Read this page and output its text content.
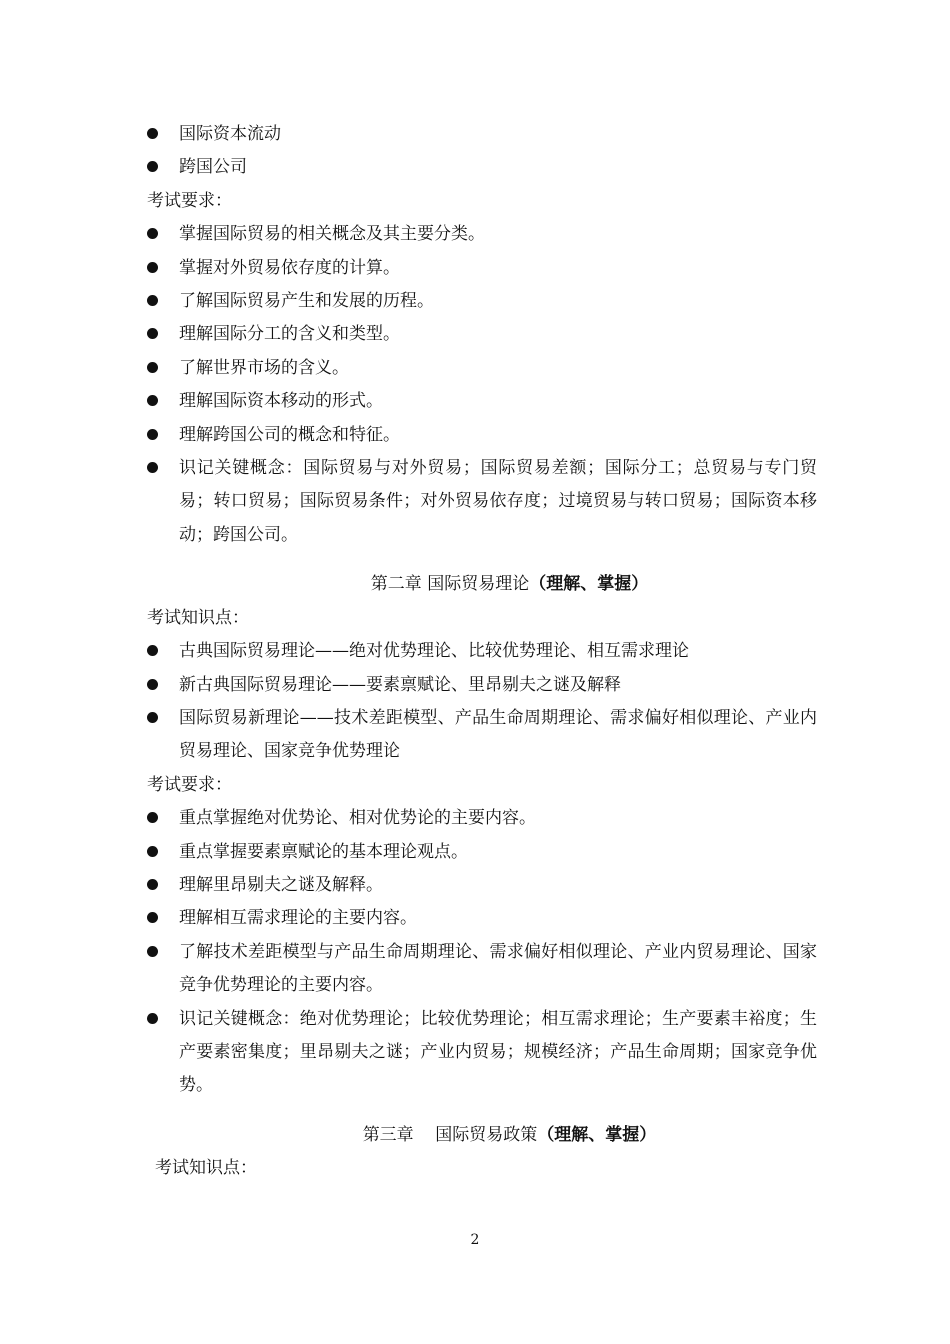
国际资本流动
跨国公司
考试要求：
掌握国际贸易的相关概念及其主要分类。
掌握对外贸易依存度的计算。
了解国际贸易产生和发展的历程。
理解国际分工的含义和类型。
了解世界市场的含义。
理解国际资本移动的形式。
理解跨国公司的概念和特征。
识记关键概念：国际贸易与对外贸易；国际贸易差额；国际分工；总贸易与专门贸易；转口贸易；国际贸易条件；对外贸易依存度；过境贸易与转口贸易；国际资本移动；跨国公司。
第二章 国际贸易理论（理解、掌握）
考试知识点：
古典国际贸易理论——绝对优势理论、比较优势理论、相互需求理论
新古典国际贸易理论——要素禀赋论、里昂剔夫之谜及解释
国际贸易新理论——技术差距模型、产品生命周期理论、需求偏好相似理论、产业内贸易理论、国家竞争优势理论
考试要求：
重点掌握绝对优势论、相对优势论的主要内容。
重点掌握要素禀赋论的基本理论观点。
理解里昂剔夫之谜及解释。
理解相互需求理论的主要内容。
了解技术差距模型与产品生命周期理论、需求偏好相似理论、产业内贸易理论、国家竞争优势理论的主要内容。
识记关键概念：绝对优势理论；比较优势理论；相互需求理论；生产要素丰裕度；生产要素密集度；里昂剔夫之谜；产业内贸易；规模经济；产品生命周期；国家竞争优势。
第三章    国际贸易政策（理解、掌握）
考试知识点：
2
